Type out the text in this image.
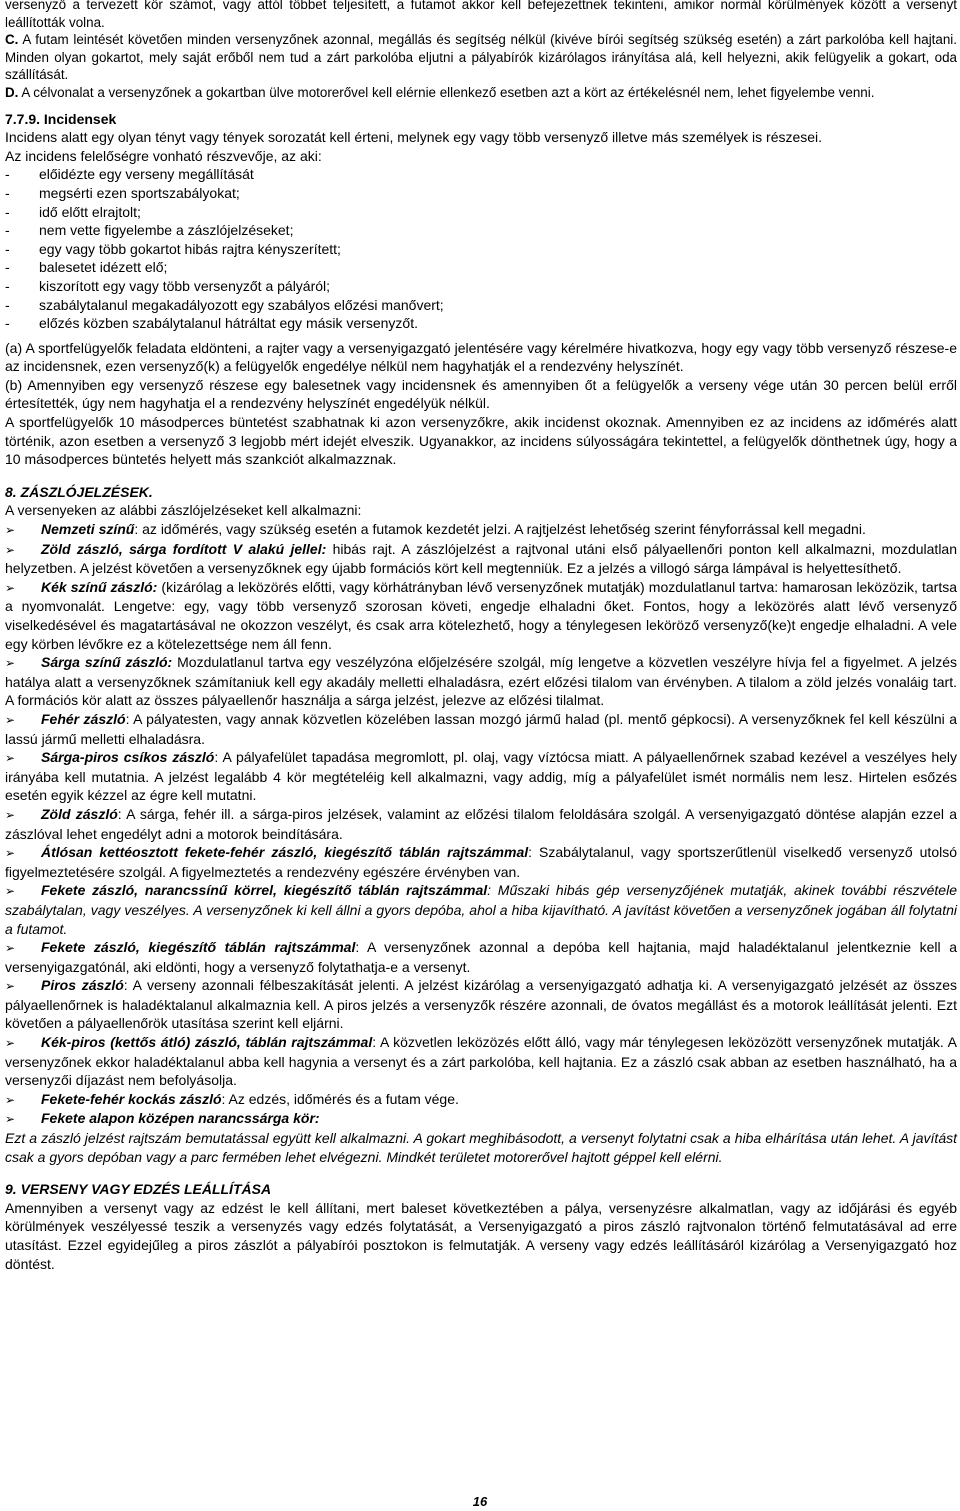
versenyző a tervezett kör számot, vagy attól többet teljesített, a futamot akkor kell befejezettnek tekinteni, amikor normál körülmények között a versenyt leállították volna.

C. A futam leintését követően minden versenyzőnek azonnal, megállás és segítség nélkül (kivéve bírói segítség szükség esetén) a zárt parkolóba kell hajtani. Minden olyan gokartot, mely saját erőből nem tud a zárt parkolóba eljutni a pályabírók kizárólagos irányítása alá, kell helyezni, akik felügyelik a gokart, oda szállítását.

D. A célvonalat a versenyzőnek a gokartban ülve motorerővel kell elérnie ellenkező esetben azt a kört az értékelésnél nem, lehet figyelembe venni.

7.7.9. Incidensek

Incidens alatt egy olyan tényt vagy tények sorozatát kell érteni, melynek egy vagy több versenyző illetve más személyek is részesei.

Az incidens felelőségre vonható részvevője, az aki:

-	előidézte egy verseny megállítását
-	megsérti ezen sportszabályokat;
-	idő előtt elrajtolt;
-	nem vette figyelembe a zászlójelzéseket;
-	egy vagy több gokartot hibás rajtra kényszerített;
-	balesetet idézett elő;
-	kiszorított egy vagy több versenyzőt a pályáról;
-	szabálytalanul megakadályozott egy szabályos előzési manővert;
-	előzés közben szabálytalanul hátráltat egy másik versenyzőt.

(a) A sportfelügyelők feladata eldönteni, a rajter vagy a versenyigazgató jelentésére vagy kérelmére hivatkozva, hogy egy vagy több versenyző részese-e az incidensnek, ezen versenyző(k) a felügyelők engedélye nélkül nem hagyhatják el a rendezvény helyszínét.

(b) Amennyiben egy versenyző részese egy balesetnek vagy incidensnek és amennyiben őt a felügyelők a verseny vége után 30 percen belül erről értesítették, úgy nem hagyhatja el a rendezvény helyszínét engedélyük nélkül.

A sportfelügyelők 10 másodperces büntetést szabhatnak ki azon versenyzőkre, akik incidenst okoznak. Amennyiben ez az incidens az időmérés alatt történik, azon esetben a versenyző 3 legjobb mért idejét elveszik. Ugyanakkor, az incidens súlyosságára tekintettel, a felügyelők dönthetnek úgy, hogy a 10 másodperces büntetés helyett más szankciót alkalmazznak.

8. ZÁSZLÓJELZÉSEK.

A versenyeken az alábbi zászlójelzéseket kell alkalmazni:

➢ Nemzeti színű: az időmérés, vagy szükség esetén a futamok kezdetét jelzi. A rajtjelzést lehetőség szerint fényforrással kell megadni.

➢ Zöld zászló, sárga fordított V alakú jellel: hibás rajt. A zászlójelzést a rajtvonal utáni első pályaellenőri ponton kell alkalmazni, mozdulatlan helyzetben. A jelzést követően a versenyzőknek egy újabb formációs kört kell megtenniük. Ez a jelzés a villogó sárga lámpával is helyettesíthető.

➢ Kék színű zászló: (kizárólag a leközörés előtti, vagy körhátrányban lévő versenyzőnek mutatják) mozdulatlanul tartva: hamarosan leközözik, tartsa a nyomvonalát. Lengetve: egy, vagy több versenyző szorosan követi, engedje elhaladni őket. Fontos, hogy a leközörés alatt lévő versenyző viselkedésével és magatartásával ne okozzon veszélyt, és csak arra kötelezhető, hogy a ténylegesen leköröző versenyző(ke)t engedje elhaladni. A vele egy körben lévőkre ez a kötelezettsége nem áll fenn.

➢ Sárga színű zászló: Mozdulatlanul tartva egy veszélyzóna előjelzésére szolgál, míg lengetve a közvetlen veszélyre hívja fel a figyelmet. A jelzés hatálya alatt a versenyzőknek számítaniuk kell egy akadály melletti elhaladásra, ezért előzési tilalom van érvényben. A tilalom a zöld jelzés vonaláig tart. A formációs kör alatt az összes pályaellenőr használja a sárga jelzést, jelezve az előzési tilalmat.

➢ Fehér zászló: A pályatesten, vagy annak közvetlen közelében lassan mozgó jármű halad (pl. mentő gépkocsi). A versenyzőknek fel kell készülni a lassú jármű melletti elhaladásra.

➢ Sárga-piros csíkos zászló: A pályafelület tapadása megromlott, pl. olaj, vagy víztócsa miatt. A pályaellenőrnek szabad kezével a veszélyes hely irányába kell mutatnia. A jelzést legalább 4 kör megtételéig kell alkalmazni, vagy addig, míg a pályafelület ismét normális nem lesz. Hirtelen esőzés esetén egyik kézzel az égre kell mutatni.

➢ Zöld zászló: A sárga, fehér ill. a sárga-piros jelzések, valamint az előzési tilalom feloldására szolgál. A versenyigazgató döntése alapján ezzel a zászlóval lehet engedélyt adni a motorok beindítására.

➢ Átlósan kettéosztott fekete-fehér zászló, kiegészítő táblán rajtszámmal: Szabálytalanul, vagy sportszerűtlenül viselkedő versenyző utolsó figyelmeztetésére szolgál. A figyelmeztetés a rendezvény egészére érvényben van.

➢ Fekete zászló, narancssínű körrel, kiegészítő táblán rajtszámmal: Műszaki hibás gép versenyzőjének mutatják, akinek további részvétele szabálytalan, vagy veszélyes. A versenyzőnek ki kell állni a gyors depóba, ahol a hiba kijavítható. A javítást követően a versenyzőnek jogában áll folytatni a futamot.

➢ Fekete zászló, kiegészítő táblán rajtszámmal: A versenyzőnek azonnal a depóba kell hajtania, majd haladéktalanul jelentkeznie kell a versenyigazgatónál, aki eldönti, hogy a versenyző folytathatja-e a versenyt.

➢ Piros zászló: A verseny azonnali félbeszakítását jelenti. A jelzést kizárólag a versenyigazgató adhatja ki. A versenyigazgató jelzését az összes pályaellenőrnek is haladéktalanul alkalmaznia kell. A piros jelzés a versenyzők részére azonnali, de óvatos megállást és a motorok leállítását jelenti. Ezt követően a pályaellenőrök utasítása szerint kell eljárni.

➢ Kék-piros (kettős átló) zászló, táblán rajtszámmal: A közvetlen leközözés előtt álló, vagy már ténylegesen leközözött versenyzőnek mutatják. A versenyzőnek ekkor haladéktalanul abba kell hagynia a versenyt és a zárt parkolóba, kell hajtania. Ez a zászló csak abban az esetben használható, ha a versenyzői díjazást nem befolyásolja.

➢ Fekete-fehér kockás zászló: Az edzés, időmérés és a futam vége.

➢ Fekete alapon középen narancssárga kör:

Ezt a zászló jelzést rajtszám bemutatással együtt kell alkalmazni. A gokart meghibásodott, a versenyt folytatni csak a hiba elhárítása után lehet. A javítást csak a gyors depóban vagy a parc fermében lehet elvégezni. Mindkét területet motorerővel hajtott géppel kell elérni.

9. VERSENY VAGY EDZÉS LEÁLLÍTÁSA

Amennyiben a versenyt vagy az edzést le kell állítani, mert baleset következtében a pálya, versenyzésre alkalmatlan, vagy az időjárási és egyéb körülmények veszélyessé teszik a versenyzés vagy edzés folytatását, a Versenyigazgató a piros zászló rajtvonalon történő felmutatásával ad erre utasítást. Ezzel egyidejűleg a piros zászlót a pályabírói posztokon is felmutatják. A verseny vagy edzés leállításáról kizárólag a Versenyigazgató hoz döntést.

16
